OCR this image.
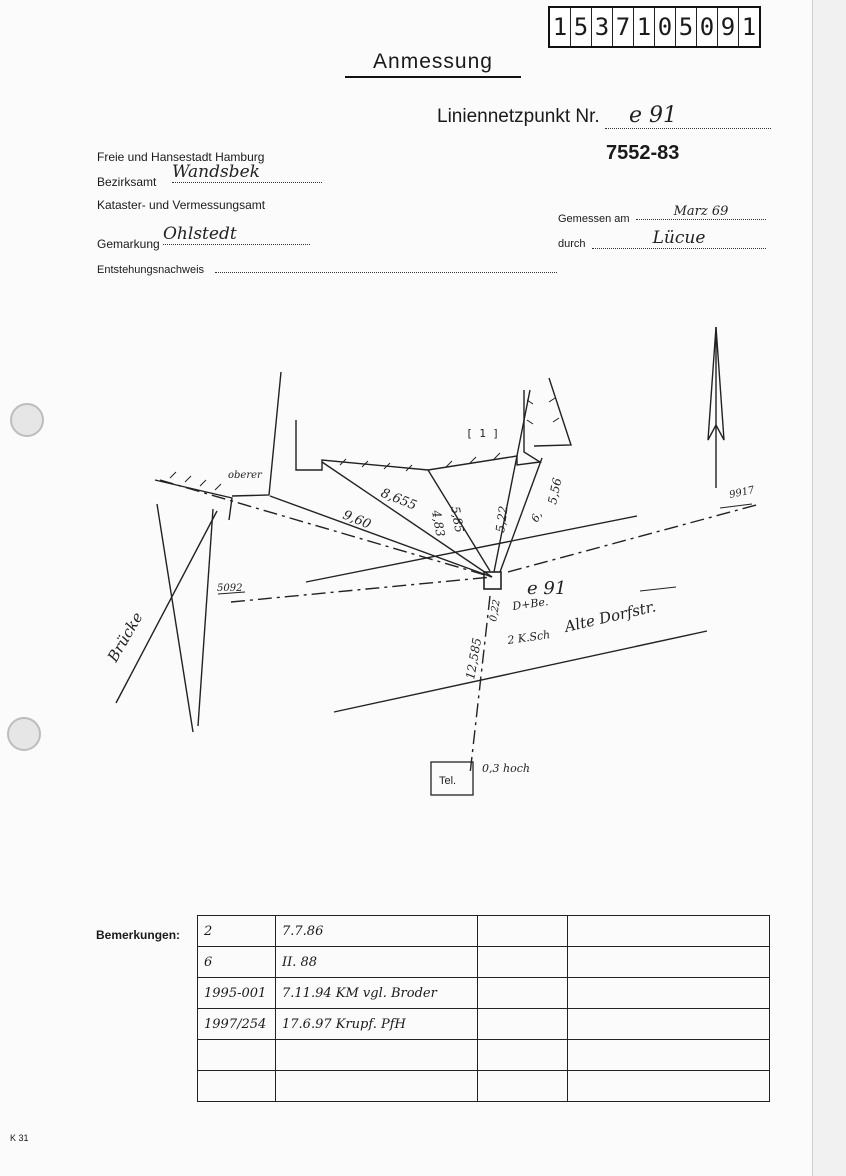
1 5 3 7 1 0 5 0 9 1
Anmessung
Liniennetzpunkt Nr. e 91
7552-83
Freie und Hansestadt Hamburg
Bezirksamt Wandsbek
Kataster- und Vermessungsamt
Gemarkung Ohlstedt
Entstehungsnachweis
Gemessen am	Marz 69
durch	Lücue
oberer
[ 1 ]
8,655
9,60	4,83 5,85 5,22
5,56
6,
9917
5092	e 91
D+Be.
2 K.Sch
Alte Dorfstr.
Brücke	12,585
0,22
Tel.
0,3 hoch
Bemerkungen: 2	7.7.86		
6	II. 88		
1995-001	7.11.94 KM vgl. Broder		
1997/254	17.6.97 Krupf. PfH		

K 31
